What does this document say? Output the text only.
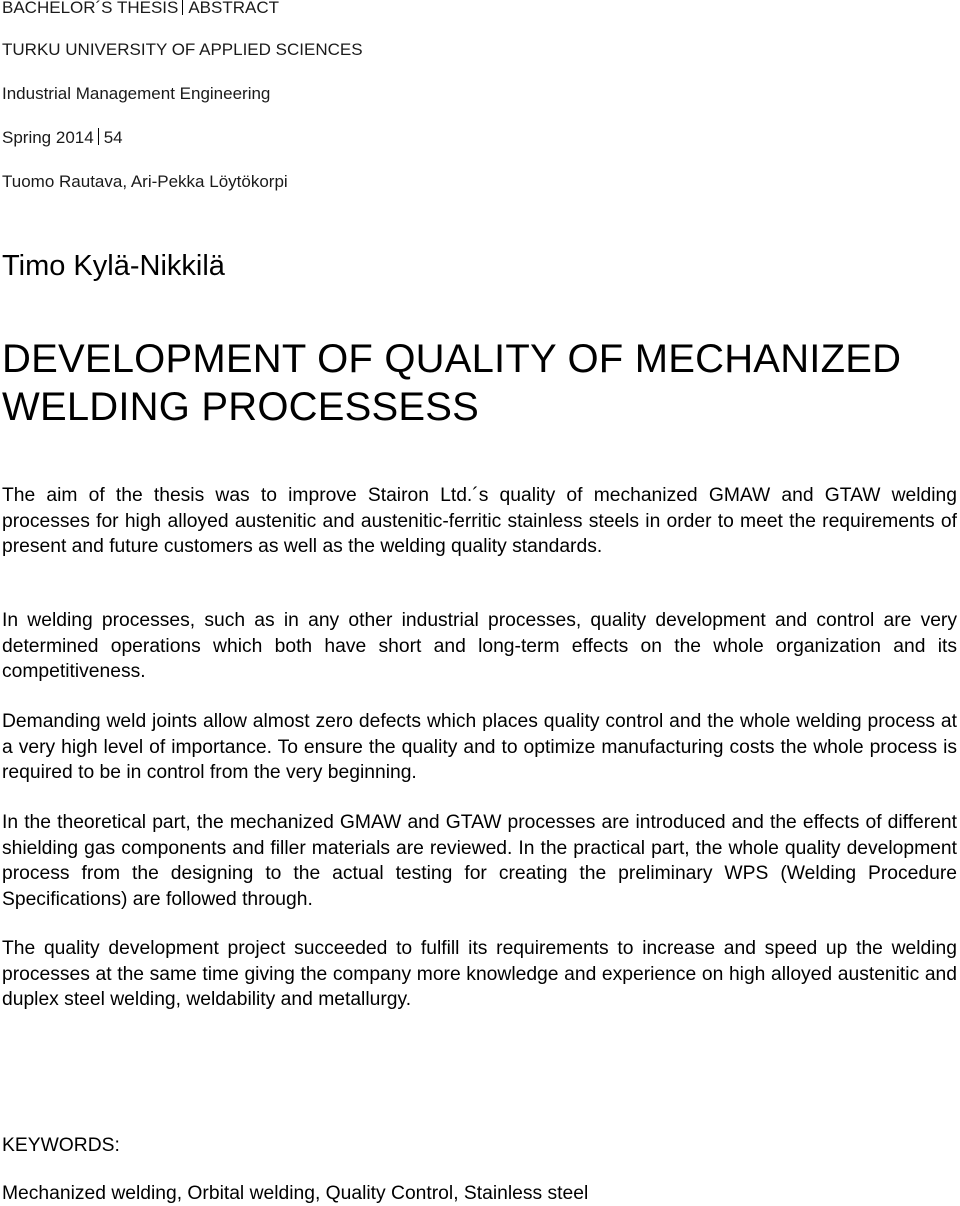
BACHELOR´S THESIS ABSTRACT
TURKU UNIVERSITY OF APPLIED SCIENCES
Industrial Management Engineering
Spring 2014 54
Tuomo Rautava, Ari-Pekka Löytökorpi
Timo Kylä-Nikkilä
DEVELOPMENT OF QUALITY OF MECHANIZED WELDING PROCESSESS
The aim of the thesis was to improve Stairon Ltd.´s quality of mechanized GMAW and GTAW welding processes for high alloyed austenitic and austenitic-ferritic stainless steels in order to meet the requirements of present and future customers as well as the welding quality standards.
In welding processes, such as in any other industrial processes, quality development and control are very determined operations which both have short and long-term effects on the whole organization and its competitiveness.
Demanding weld joints allow almost zero defects which places quality control and the whole welding process at a very high level of importance. To ensure the quality and to optimize manufacturing costs the whole process is required to be in control from the very beginning.
In the theoretical part, the mechanized GMAW and GTAW processes are introduced and the effects of different shielding gas components and filler materials are reviewed. In the practical part, the whole quality development process from the designing to the actual testing for creating the preliminary WPS (Welding Procedure Specifications) are followed through.
The quality development project succeeded to fulfill its requirements to increase and speed up the welding processes at the same time giving the company more knowledge and experience on high alloyed austenitic and duplex steel welding, weldability and metallurgy.
KEYWORDS:
Mechanized welding, Orbital welding, Quality Control, Stainless steel
